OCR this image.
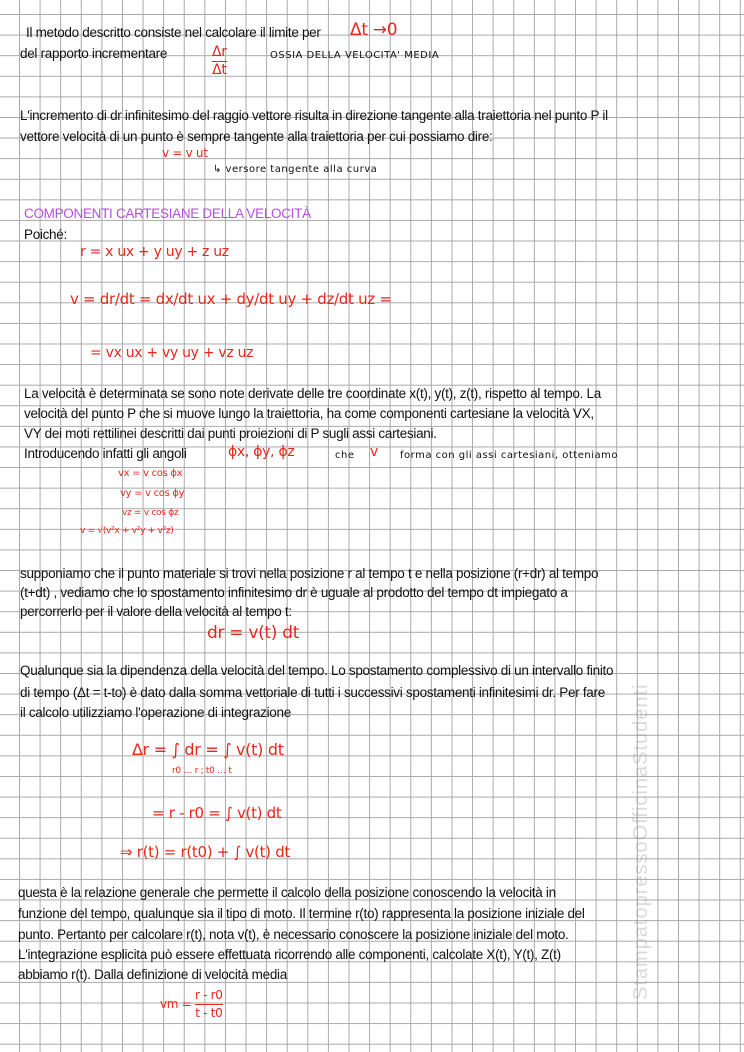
Il metodo descritto consiste nel calcolare il limite per Δt →0
del rapporto incrementare	$\frac{\Delta r}{\Delta t}$	OSSIA DELLA VELOCITA' MEDIA
L'incremento di dr infinitesimo del raggio vettore risulta in direzione tangente alla traiettoria nel punto P il
vettore velocità di un punto è sempre tangente alla traiettoria per cui possiamo dire:
v = v ut
↳ versore tangente alla curva
COMPONENTI CARTESIANE DELLA VELOCITÀ
Poiché:
r = x ux + y uy + z uz
v = dr/dt = dx/dt ux + dy/dt uy + dz/dt uz =
= vx ux + vy uy + vz uz
La velocità è determinata se sono note derivate delle tre coordinate x(t), y(t), z(t), rispetto al tempo. La
velocità del punto P che si muove lungo la traiettoria, ha come componenti cartesiane la velocità VX,
VY dei moti rettilinei descritti dai punti proiezioni di P sugli assi cartesiani.
Introducendo infatti gli angoli	ϕx, ϕy, ϕz	che v forma con gli assi cartesiani, otteniamo
vx = v cos ϕx
vy = v cos ϕy
vz = v cos ϕz
v = √(v²x + v²y + v²z)
supponiamo che il punto materiale si trovi nella posizione r al tempo t e nella posizione (r+dr) al tempo
(t+dt) , vediamo che lo spostamento infinitesimo dr è uguale al prodotto del tempo dt impiegato a
percorrerlo per il valore della velocità al tempo t:
dr = v(t) dt
Qualunque sia la dipendenza della velocità del tempo. Lo spostamento complessivo di un intervallo finito
di tempo (Δt = t-to) è dato dalla somma vettoriale di tutti i successivi spostamenti infinitesimi dr. Per fare
il calcolo utilizziamo l'operazione di integrazione
Δr = ∫ dr = ∫ v(t) dt
r0 … r ; t0 … t
= r - r0 = ∫ v(t) dt
⇒ r(t) = r(t0) + ∫ v(t) dt
questa è la relazione generale che permette il calcolo della posizione conoscendo la velocità in
funzione del tempo, qualunque sia il tipo di moto. Il termine r(to) rappresenta la posizione iniziale del
punto. Pertanto per calcolare r(t), nota v(t), è necessario conoscere la posizione iniziale del moto.
L'integrazione esplicita può essere effettuata ricorrendo alle componenti, calcolate X(t), Y(t), Z(t)
abbiamo r(t). Dalla definizione di velocità media
vm = $\frac{r - r0}{t - t0}$
StampatopressoOfficinaStudenti
